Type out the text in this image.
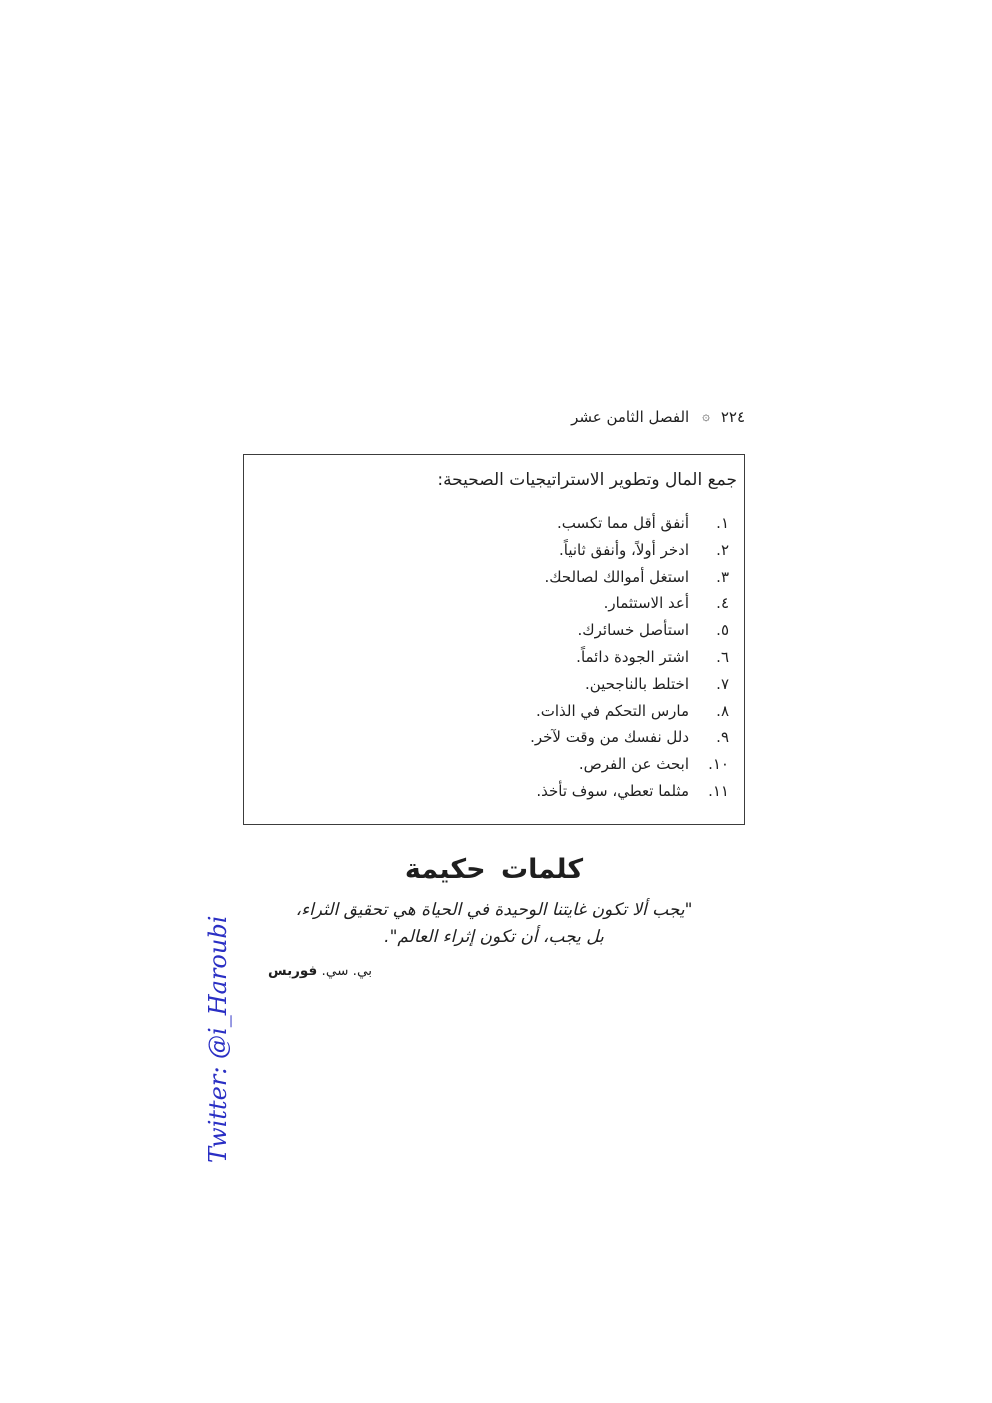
٢٢٤
۞
الفصل الثامن عشر
جمع المال وتطوير الاستراتيجيات الصحيحة:
١.
أنفق أقل مما تكسب.
٢.
ادخر أولاً، وأنفق ثانياً.
٣.
استغل أموالك لصالحك.
٤.
أعد الاستثمار.
٥.
استأصل خسائرك.
٦.
اشتر الجودة دائماً.
٧.
اختلط بالناجحين.
٨.
مارس التحكم في الذات.
٩.
دلل نفسك من وقت لآخر.
١٠.
ابحث عن الفرص.
١١.
مثلما تعطي، سوف تأخذ.
كلمات حكيمة
"يجب ألا تكون غايتنا الوحيدة في الحياة هي تحقيق الثراء،
بل يجب، أن تكون إثراء العالم".
بي. سي. فوربس
Twitter: @i_Haroubi
